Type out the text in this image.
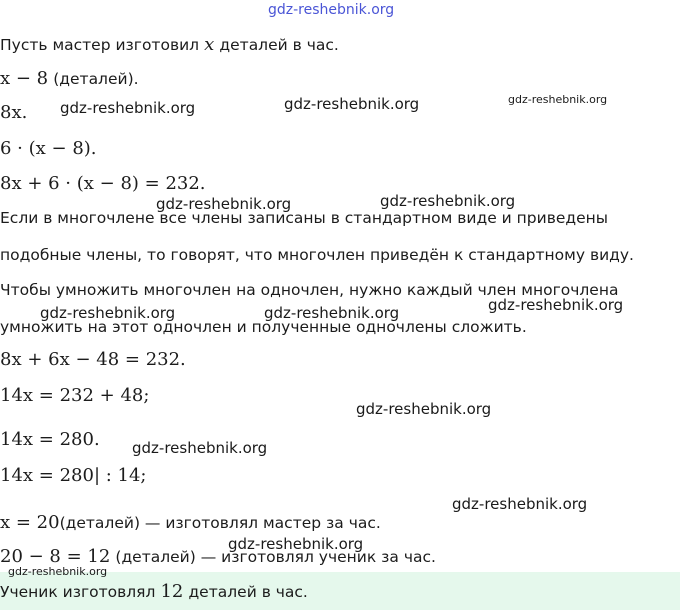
gdz-reshebnik.org
Пусть мастер изготовил x деталей в час.
x − 8 (деталей).
8x.
6 · (x − 8).
8x + 6 · (x − 8) = 232.
Если в многочлене все члены записаны в стандартном виде и приведены
подобные члены, то говорят, что многочлен приведён к стандартному виду.
Чтобы умножить многочлен на одночлен, нужно каждый член многочлена
умножить на этот одночлен и полученные одночлены сложить.
8x + 6x − 48 = 232.
14x = 232 + 48;
14x = 280.
14x = 280| : 14;
x = 20(деталей) — изготовлял мастер за час.
20 − 8 = 12 (деталей) — изготовлял ученик за час.
Ученик изготовлял 12 деталей в час.
gdz-reshebnik.org	gdz-reshebnik.org	gdz-reshebnik.org
gdz-reshebnik.org	gdz-reshebnik.org
gdz-reshebnik.org	gdz-reshebnik.org	gdz-reshebnik.org
gdz-reshebnik.org
gdz-reshebnik.org
gdz-reshebnik.org
gdz-reshebnik.org
gdz-reshebnik.org
